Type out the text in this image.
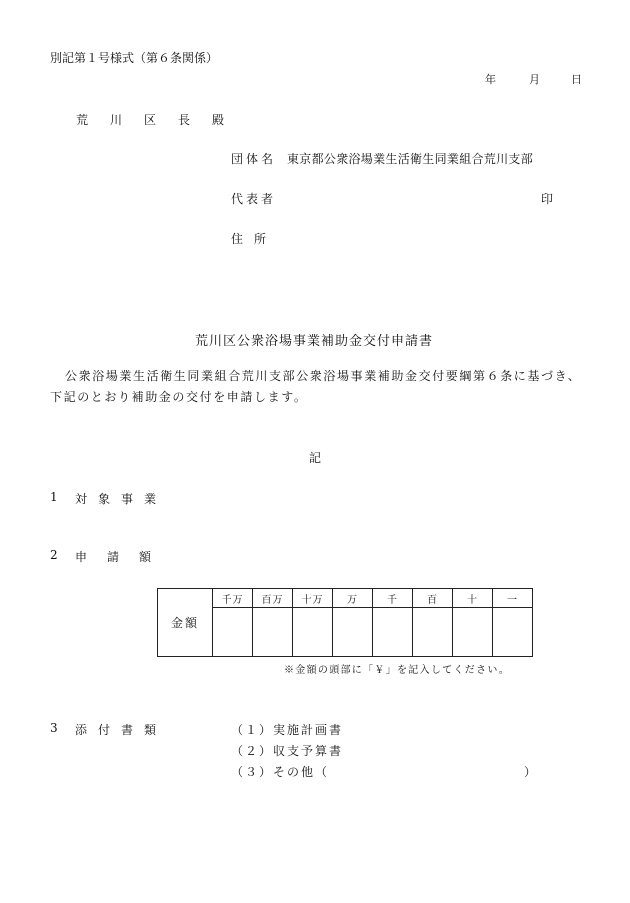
別記第１号様式（第６条関係）
年	月	日
荒川区長殿
団体名 東京都公衆浴場業生活衛生同業組合荒川支部
代表者	印
住所
荒川区公衆浴場事業補助金交付申請書
公衆浴場業生活衛生同業組合荒川支部公衆浴場事業補助金交付要綱第６条に基づき、
下記のとおり補助金の交付を申請します。
記
1 対象事業
2 申請額
金額	千万	百万	十万	万	千	百	十	一

※金額の頭部に「￥」を記入してください。
3 添付書類	（１）実施計画書
（２）収支予算書
（３）その他（	）
